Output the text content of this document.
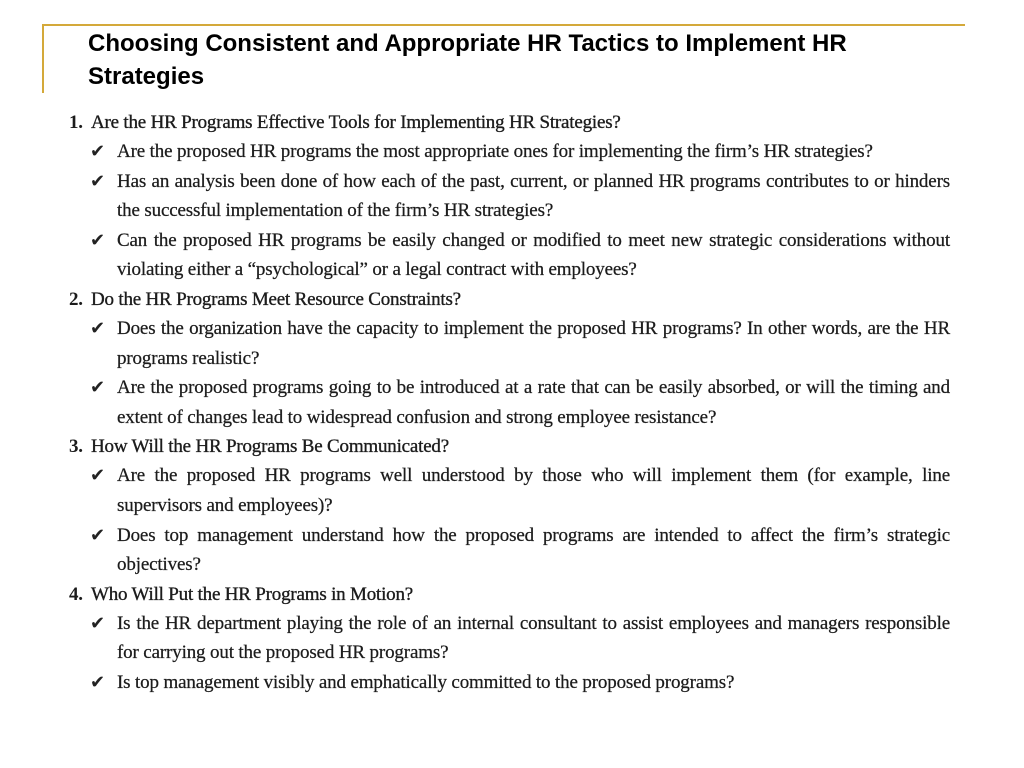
Choosing Consistent and Appropriate HR Tactics to Implement HR Strategies
1. Are the HR Programs Effective Tools for Implementing HR Strategies?
✔ Are the proposed HR programs the most appropriate ones for implementing the firm’s HR strategies?
✔ Has an analysis been done of how each of the past, current, or planned HR programs contributes to or hinders the successful implementation of the firm’s HR strategies?
✔ Can the proposed HR programs be easily changed or modified to meet new strategic considerations without violating either a “psychological” or a legal contract with employees?
2. Do the HR Programs Meet Resource Constraints?
✔ Does the organization have the capacity to implement the proposed HR programs? In other words, are the HR programs realistic?
✔ Are the proposed programs going to be introduced at a rate that can be easily absorbed, or will the timing and extent of changes lead to widespread confusion and strong employee resistance?
3. How Will the HR Programs Be Communicated?
✔ Are the proposed HR programs well understood by those who will implement them (for example, line supervisors and employees)?
✔ Does top management understand how the proposed programs are intended to affect the firm’s strategic objectives?
4. Who Will Put the HR Programs in Motion?
✔ Is the HR department playing the role of an internal consultant to assist employees and managers responsible for carrying out the proposed HR programs?
✔ Is top management visibly and emphatically committed to the proposed programs?
